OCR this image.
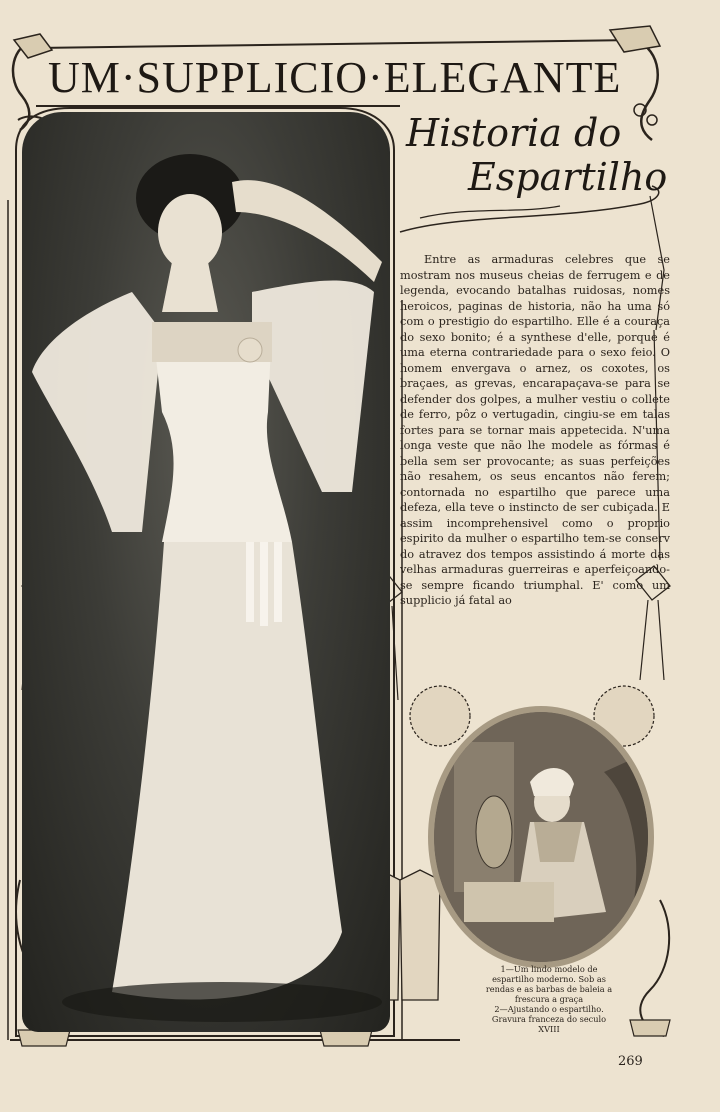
UM·SUPPLICIO·ELEGANTE
Historia do
Espartilho

Entre as armaduras celebres que se mostram nos museus cheias de ferrugem e de legenda, evocando batalhas ruidosas, nomes heroicos, paginas de historia, não ha uma só com o prestigio do espartilho. Elle é a couraça do sexo bonito; é a synthese d'elle, porque é uma eterna contrariedade para o sexo feio. O homem envergava o arnez, os coxotes, os braçaes, as grevas, encarapaçava-se para se defender dos golpes, a mulher vestiu o collete de ferro, pôz o vertugadin, cingiu-se em talas fortes para se tornar mais appetecida. N'uma longa veste que não lhe modele as fórmas é bella sem ser provocante; as suas perfeições não resahem, os seus encantos não ferem; contornada no espartilho que parece uma defeza, ella teve o instincto de ser cubiçada. E assim incomprehensivel como o proprio espirito da mulher o espartilho tem-se conserv do atravez dos tempos assistindo á morte das velhas armaduras guerreiras e aperfeiçoando-se sempre ficando triumphal. E' como um supplicio já fatal ao

1—Um lindo modelo de espartilho moderno. Sob as rendas e as barbas de baleia a frescura a graça
2—Ajustando o espartilho. Gravura franceza do seculo XVIII
269
